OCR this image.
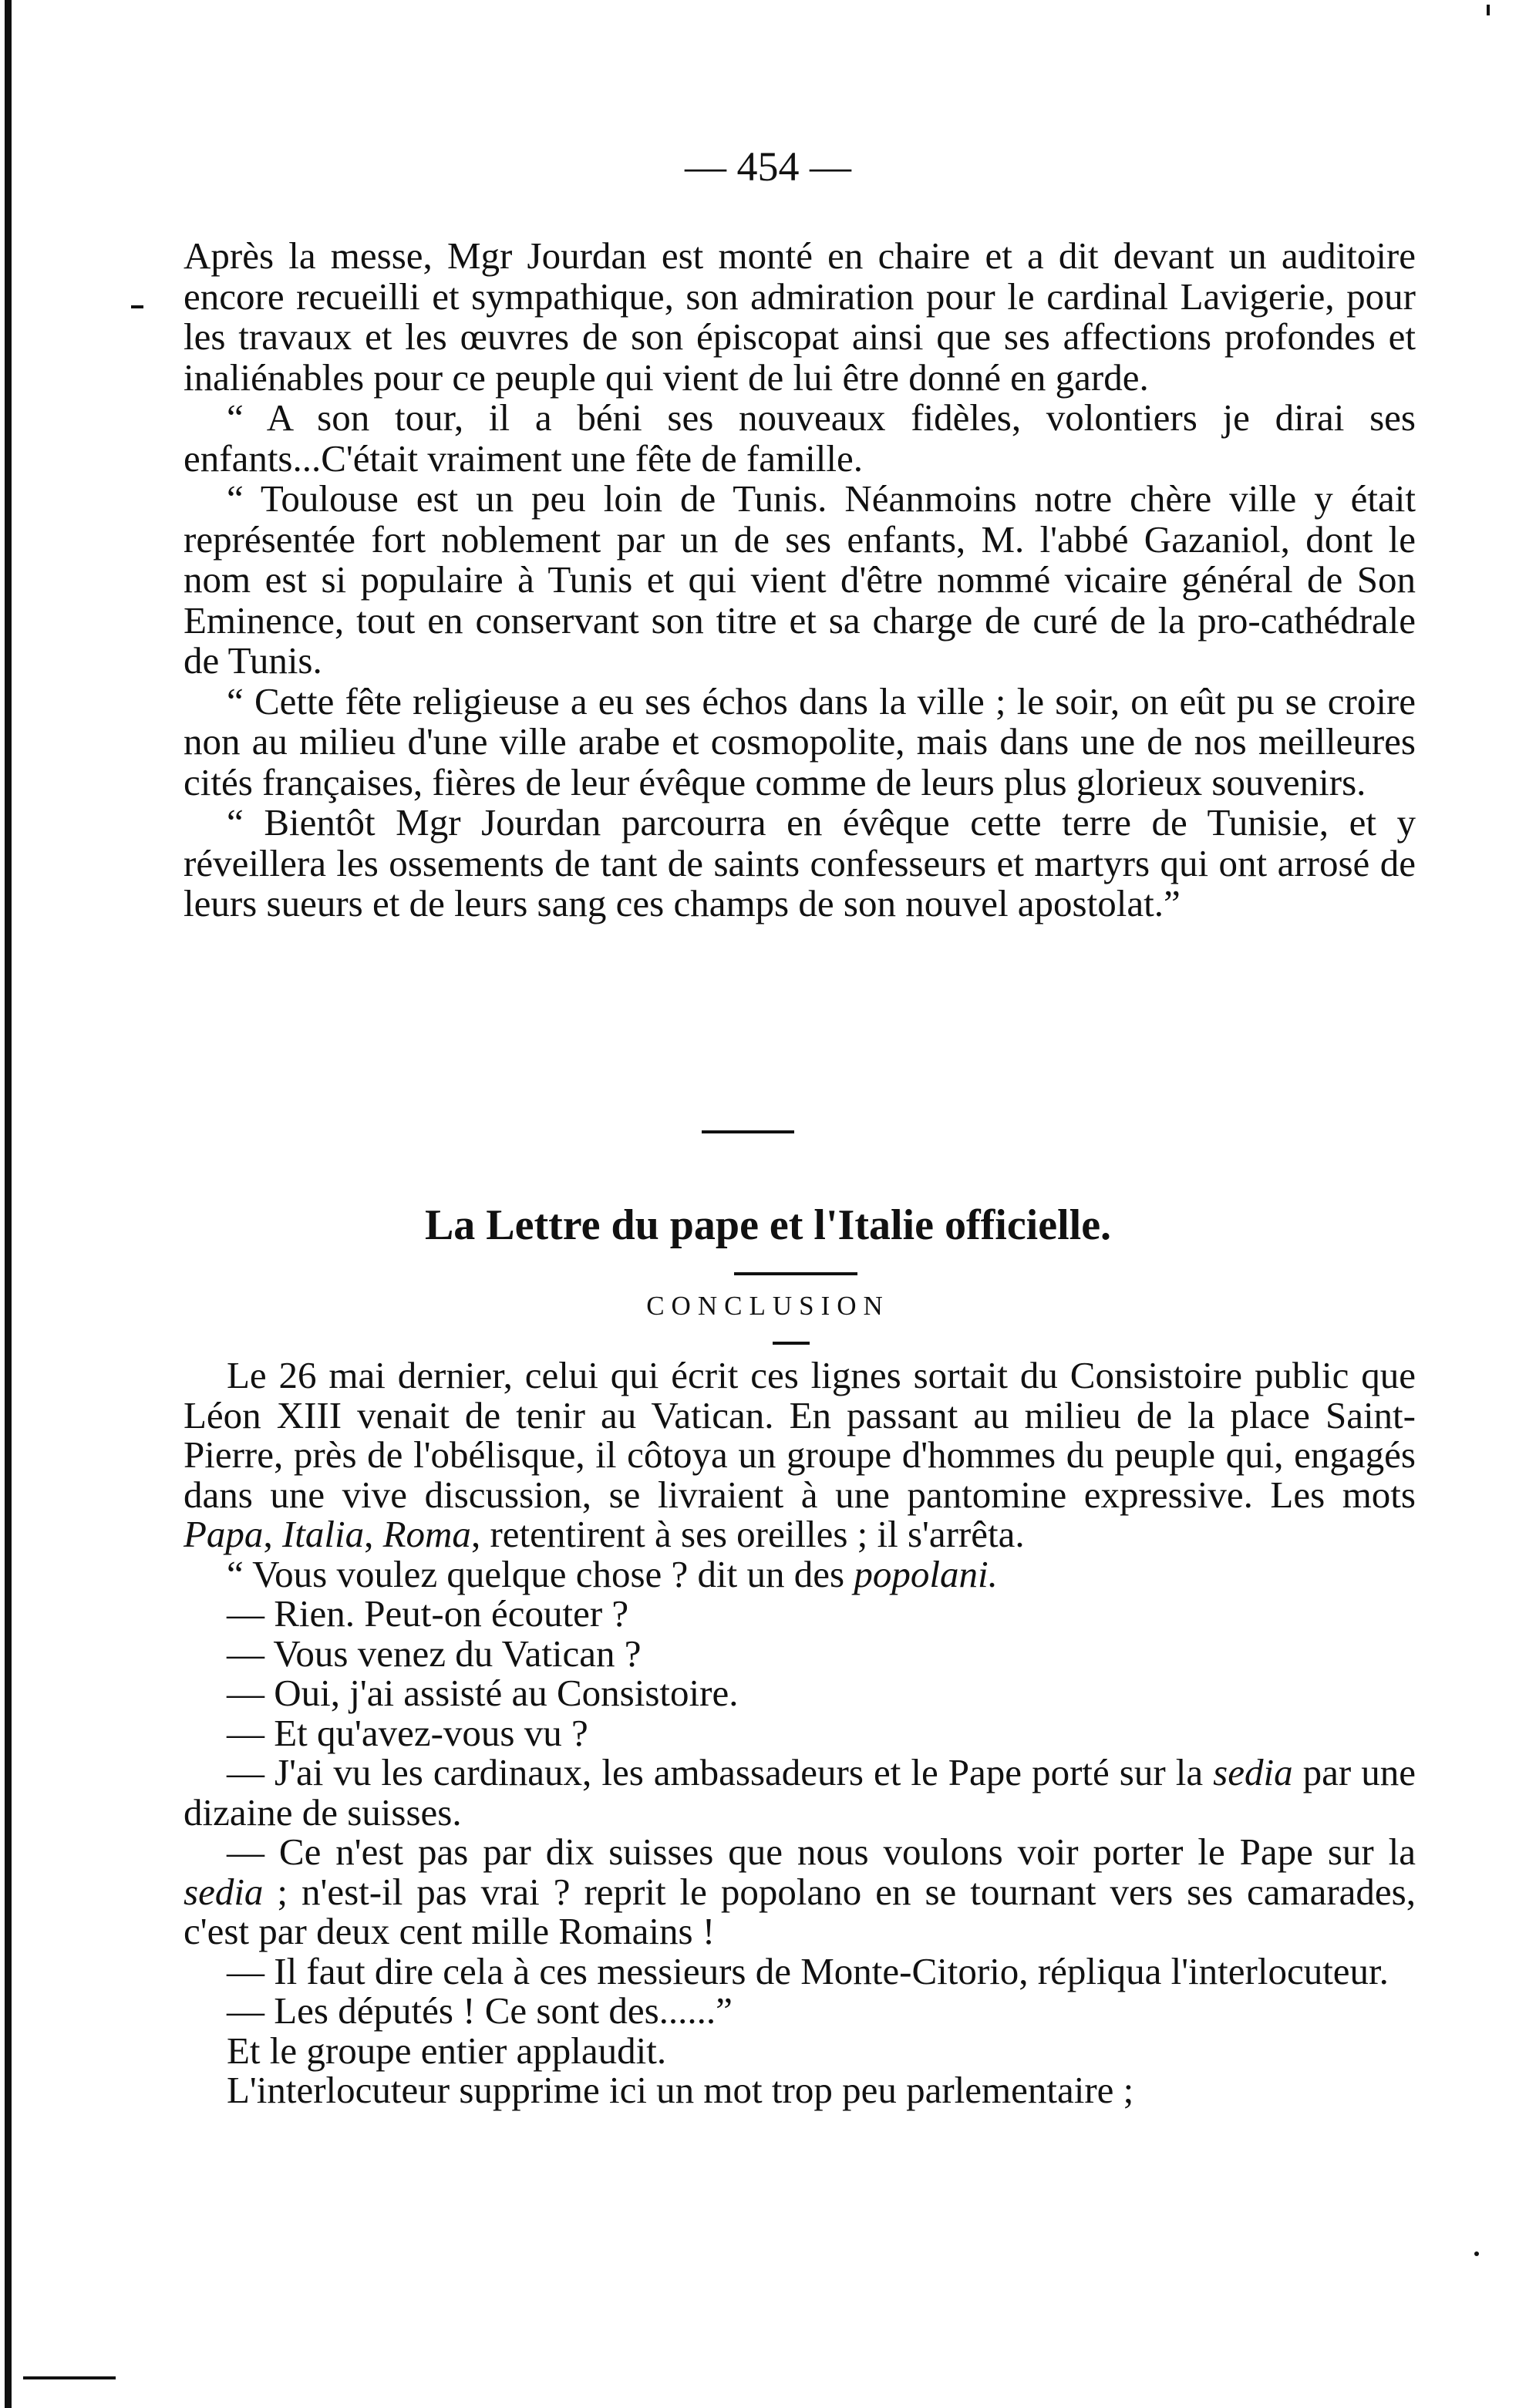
— 454 —

Après la messe, Mgr Jourdan est monté en chaire et a dit devant un auditoire encore recueilli et sympathique, son admiration pour le cardinal Lavigerie, pour les travaux et les œuvres de son épiscopat ainsi que ses affections profondes et inaliénables pour ce peuple qui vient de lui être donné en garde.

“ A son tour, il a béni ses nouveaux fidèles, volontiers je dirai ses enfants...C'était vraiment une fête de famille.

“ Toulouse est un peu loin de Tunis. Néanmoins notre chère ville y était représentée fort noblement par un de ses enfants, M. l'abbé Gazaniol, dont le nom est si populaire à Tunis et qui vient d'être nommé vicaire général de Son Eminence, tout en conservant son titre et sa charge de curé de la pro-cathédrale de Tunis.

“ Cette fête religieuse a eu ses échos dans la ville ; le soir, on eût pu se croire non au milieu d'une ville arabe et cosmopolite, mais dans une de nos meilleures cités françaises, fières de leur évêque comme de leurs plus glorieux souvenirs.

“ Bientôt Mgr Jourdan parcourra en évêque cette terre de Tunisie, et y réveillera les ossements de tant de saints confesseurs et martyrs qui ont arrosé de leurs sueurs et de leurs sang ces champs de son nouvel apostolat.”

La Lettre du pape et l'Italie officielle.
CONCLUSION

Le 26 mai dernier, celui qui écrit ces lignes sortait du Consistoire public que Léon XIII venait de tenir au Vatican. En passant au milieu de la place Saint-Pierre, près de l'obélisque, il côtoya un groupe d'hommes du peuple qui, engagés dans une vive discussion, se livraient à une pantomine expressive. Les mots Papa, Italia, Roma, retentirent à ses oreilles ; il s'arrêta.

“ Vous voulez quelque chose ? dit un des popolani.

— Rien. Peut-on écouter ?

— Vous venez du Vatican ?

— Oui, j'ai assisté au Consistoire.

— Et qu'avez-vous vu ?

— J'ai vu les cardinaux, les ambassadeurs et le Pape porté sur la sedia par une dizaine de suisses.

— Ce n'est pas par dix suisses que nous voulons voir porter le Pape sur la sedia ; n'est-il pas vrai ? reprit le popolano en se tournant vers ses camarades, c'est par deux cent mille Romains !

— Il faut dire cela à ces messieurs de Monte-Citorio, répliqua l'interlocuteur.

— Les députés ! Ce sont des......”

Et le groupe entier applaudit.

L'interlocuteur supprime ici un mot trop peu parlementaire ;
